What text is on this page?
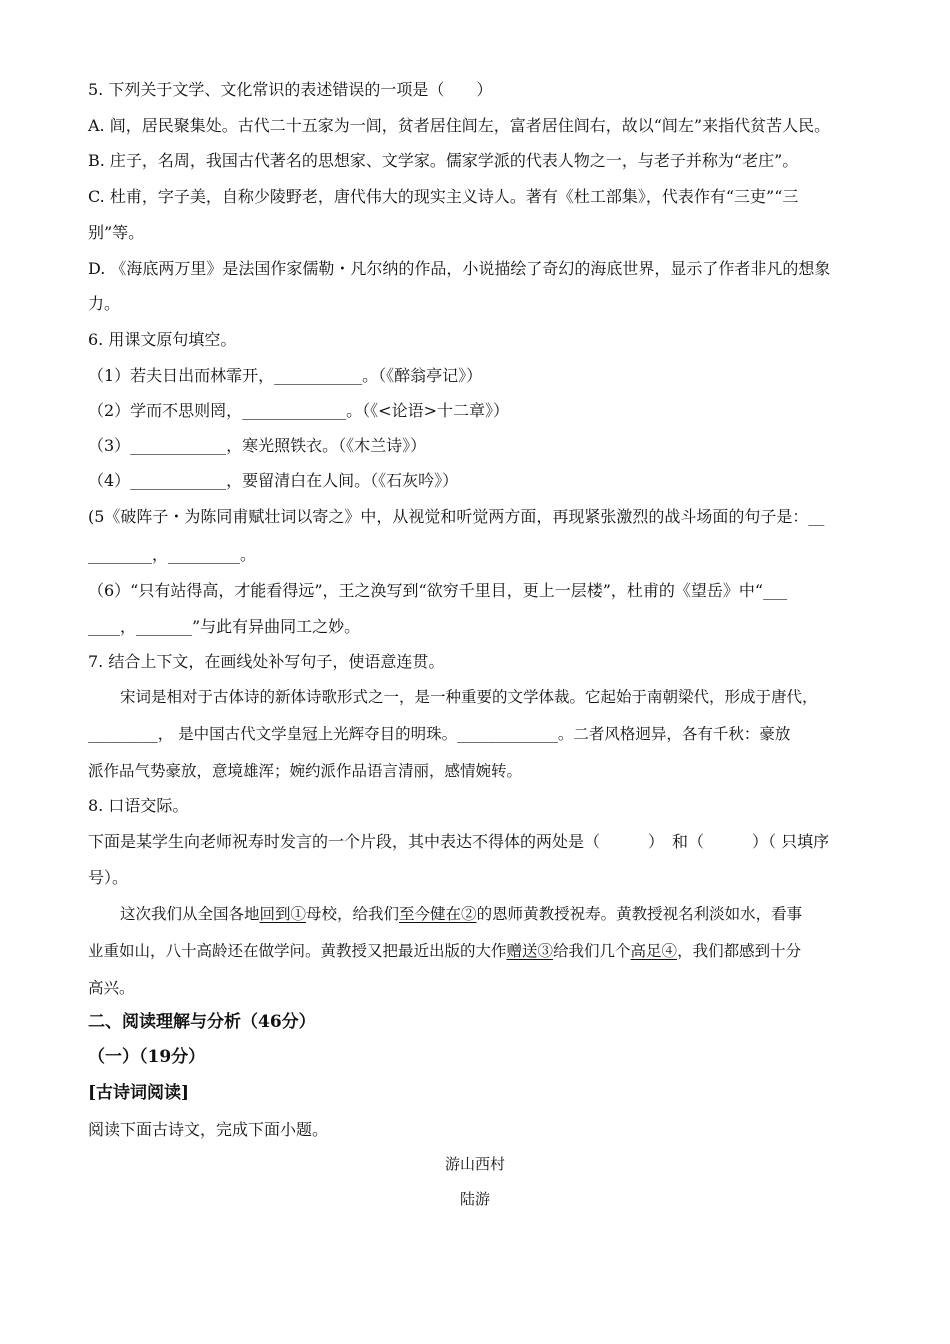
5. 下列关于文学、文化常识的表述错误的一项是（　　）
A. 闾，居民聚集处。古代二十五家为一闾，贫者居住闾左，富者居住闾右，故以“闾左”来指代贫苦人民。
B. 庄子，名周，我国古代著名的思想家、文学家。儒家学派的代表人物之一，与老子并称为“老庄”。
C. 杜甫，字子美，自称少陵野老，唐代伟大的现实主义诗人。著有《杜工部集》，代表作有“三吏”“三
别”等。
D. 《海底两万里》是法国作家儒勒・凡尔纳的作品，小说描绘了奇幻的海底世界，显示了作者非凡的想象
力。
6. 用课文原句填空。
（1）若夫日出而林霏开，___________。（《醉翁亭记》）
（2）学而不思则罔，_____________。（《<论语>十二章》）
（3）____________，寒光照铁衣。（《木兰诗》）
（4）____________，要留清白在人间。（《石灰吟》）
(5《破阵子・为陈同甫赋壮词以寄之》中，从视觉和听觉两方面，再现紧张激烈的战斗场面的句子是：__
________，_________。
（6）“只有站得高，才能看得远”，王之涣写到“欲穷千里目，更上一层楼”，杜甫的《望岳》中“___
____，_______”与此有异曲同工之妙。
7. 结合上下文，在画线处补写句子，使语意连贯。
宋词是相对于古体诗的新体诗歌形式之一，是一种重要的文学体裁。它起始于南朝梁代，形成于唐代，
_________， 是中国古代文学皇冠上光辉夺目的明珠。_____________。二者风格迥异，各有千秋：豪放
派作品气势豪放，意境雄浑；婉约派作品语言清丽，感情婉转。
8. 口语交际。
下面是某学生向老师祝寿时发言的一个片段，其中表达不得体的两处是（　　　）　和（　　　）（ 只填序
号）。
这次我们从全国各地回到①母校，给我们至今健在②的恩师黄教授祝寿。黄教授视名利淡如水，看事
业重如山，八十高龄还在做学问。黄教授又把最近出版的大作赠送③给我们几个高足④，我们都感到十分
高兴。
二、阅读理解与分析（46分）
（一）（19分）
[古诗词阅读]
阅读下面古诗文，完成下面小题。
游山西村
陆游
